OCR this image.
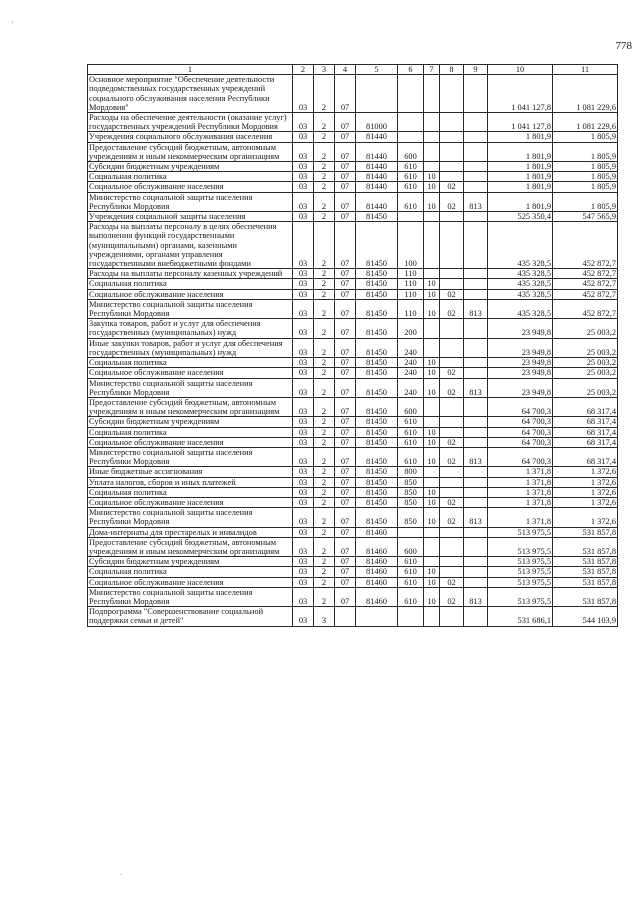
778
'
.
1	2	3	4	5	6	7	8	9	10	11
Основное мероприятие "Обеспечение деятельности подведомственных государственных учреждений социального обслуживания населения Республики Мордовия"	03	2	07						1 041 127,8	1 081 229,6
Расходы на обеспечение деятельности (оказание услуг) государственных учреждений Республики Мордовия	03	2	07	81000					1 041 127,8	1 081 229,6
Учреждения социального обслуживания населения	03	2	07	81440					1 801,9	1 805,9
Предоставление субсидий бюджетным, автономным учреждениям и иным некоммерческим организациям	03	2	07	81440	600				1 801,9	1 805,9
Субсидии бюджетным учреждениям	03	2	07	81440	610				1 801,9	1 805,9
Социальная политика	03	2	07	81440	610	10			1 801,9	1 805,9
Социальное обслуживание населения	03	2	07	81440	610	10	02		1 801,9	1 805,9
Министерство социальной защиты населения Республики Мордовия	03	2	07	81440	610	10	02	813	1 801,9	1 805,9
Учреждения социальной защиты населения	03	2	07	81450					525 350,4	547 565,9
Расходы на выплаты персоналу в целях обеспечения выполнения функций государственными (муниципальными) органами, казенными учреждениями, органами управления государственными внебюджетными фондами	03	2	07	81450	100				435 328,5	452 872,7
Расходы на выплаты персоналу казенных учреждений	03	2	07	81450	110				435 328,5	452 872,7
Социальная политика	03	2	07	81450	110	10			435 328,5	452 872,7
Социальное обслуживание населения	03	2	07	81450	110	10	02		435 328,5	452 872,7
Министерство социальной защиты населения Республики Мордовия	03	2	07	81450	110	10	02	813	435 328,5	452 872,7
Закупка товаров, работ и услуг для обеспечения государственных (муниципальных) нужд	03	2	07	81450	200				23 949,8	25 003,2
Иные закупки товаров, работ и услуг для обеспечения государственных (муниципальных) нужд	03	2	07	81450	240				23 949,8	25 003,2
Социальная политика	03	2	07	81450	240	10			23 949,8	25 003,2
Социальное обслуживание населения	03	2	07	81450	240	10	02		23 949,8	25 003,2
Министерство социальной защиты населения Республики Мордовия	03	2	07	81450	240	10	02	813	23 949,8	25 003,2
Предоставление субсидий бюджетным, автономным учреждениям и иным некоммерческим организациям	03	2	07	81450	600				64 700,3	68 317,4
Субсидии бюджетным учреждениям	03	2	07	81450	610				64 700,3	68 317,4
Социальная политика	03	2	07	81450	610	10			64 700,3	68 317,4
Социальное обслуживание населения	03	2	07	81450	610	10	02		64 700,3	68 317,4
Министерство социальной защиты населения Республики Мордовия	03	2	07	81450	610	10	02	813	64 700,3	68 317,4
Иные бюджетные ассигнования	03	2	07	81450	800				1 371,8	1 372,6
Уплата налогов, сборов и иных платежей	03	2	07	81450	850				1 371,8	1 372,6
Социальная политика	03	2	07	81450	850	10			1 371,8	1 372,6
Социальное обслуживание населения	03	2	07	81450	850	10	02		1 371,8	1 372,6
Министерство социальной защиты населения Республики Мордовия	03	2	07	81450	850	10	02	813	1 371,8	1 372,6
Дома-интернаты для престарелых и инвалидов	03	2	07	81460					513 975,5	531 857,8
Предоставление субсидий бюджетным, автономным учреждениям и иным некоммерческим организациям	03	2	07	81460	600				513 975,5	531 857,8
Субсидии бюджетным учреждениям	03	2	07	81460	610				513 975,5	531 857,8
Социальная политика	03	2	07	81460	610	10			513 975,5	531 857,8
Социальное обслуживание населения	03	2	07	81460	610	10	02		513 975,5	531 857,8
Министерство социальной защиты населения Республики Мордовия	03	2	07	81460	610	10	02	813	513 975,5	531 857,8
Подпрограмма "Совершенствование социальной поддержки семьи и детей"	03	3							531 686,1	544 103,9
